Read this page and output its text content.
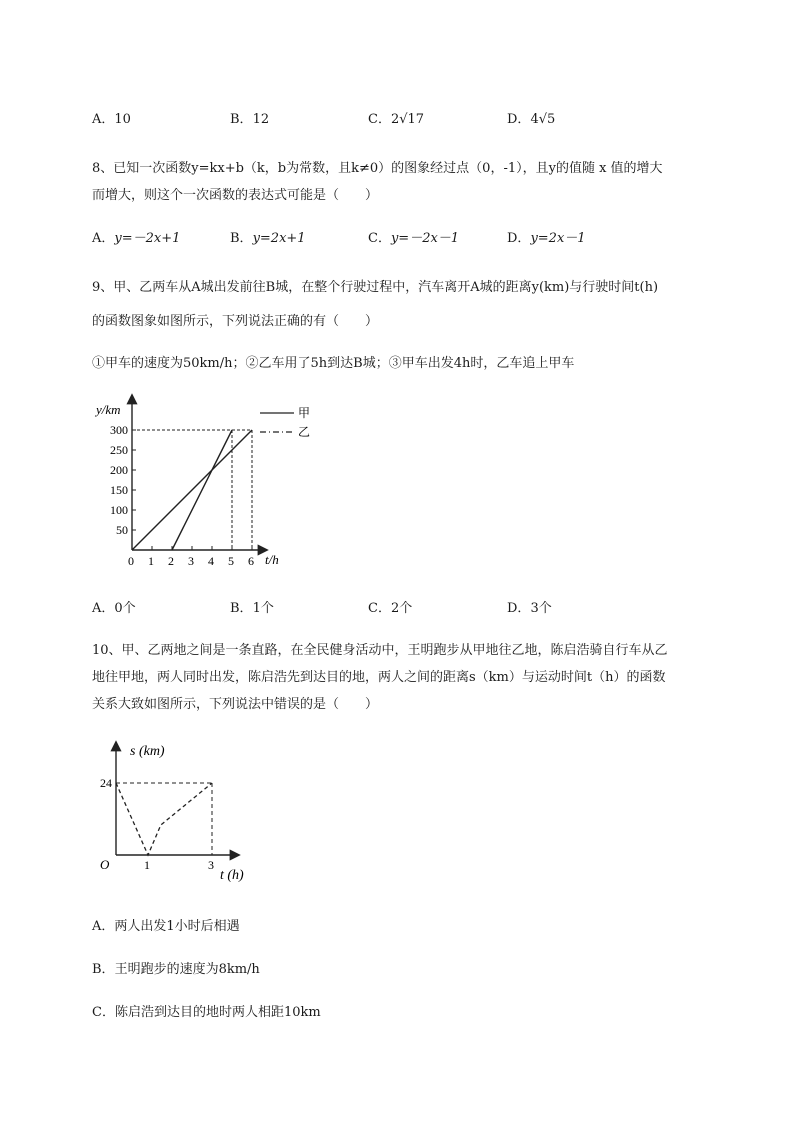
A．10	B．12	C．2√17	D．4√5
8、已知一次函数y=kx+b（k，b为常数，且k≠0）的图象经过点（0，-1），且y的值随 x 值的增大
而增大，则这个一次函数的表达式可能是（　　）
A．y=－2x+1	B．y=2x+1	C．y=－2x－1	D．y=2x－1
9、甲、乙两车从A城出发前往B城，在整个行驶过程中，汽车离开A城的距离y(km)与行驶时间t(h)
的函数图象如图所示，下列说法正确的有（　　）
①甲车的速度为50km/h；②乙车用了5h到达B城；③甲车出发4h时，乙车追上甲车
y/km
t/h
0 1 2 3 4 5 6
50
100
150
200
250
300
甲
乙
A．0个	B．1个	C．2个	D．3个
10、甲、乙两地之间是一条直路，在全民健身活动中，王明跑步从甲地往乙地，陈启浩骑自行车从乙
地往甲地，两人同时出发，陈启浩先到达目的地，两人之间的距离s（km）与运动时间t（h）的函数
关系大致如图所示，下列说法中错误的是（　　）
s (km)
t (h)
O	1	3
24
A．两人出发1小时后相遇
B．王明跑步的速度为8km/h
C．陈启浩到达目的地时两人相距10km
